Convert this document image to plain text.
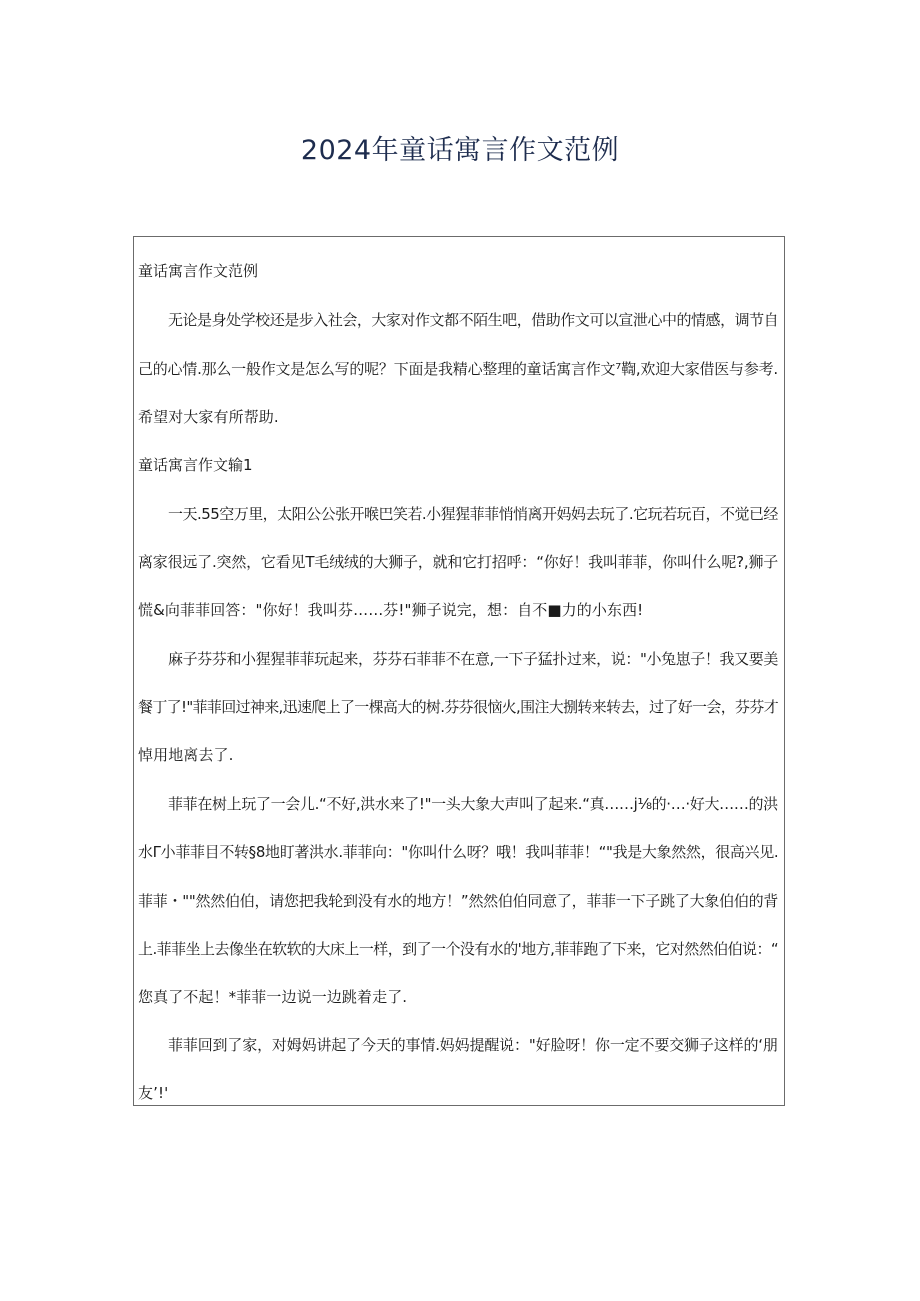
2024年童话寓言作文范例
童话寓言作文范例
无论是身处学校还是步入社会，大家对作文都不陌生吧，借助作文可以宣泄心中的情感，调节自
己的心情.那么一般作文是怎么写的呢？下面是我精心整理的童话寓言作文⁷鞫,欢迎大家借医与参考.
希望对大家有所帮助.
童话寓言作文输1
一天.55空万里，太阳公公张开喉巴笑若.小猩猩菲菲悄悄离开妈妈去玩了.它玩若玩百，不觉已经
离家很远了.突然，它看见T毛绒绒的大狮子，就和它打招呼：“你好！我叫菲菲，你叫什么呢?,狮子
慌&向菲菲回答："你好！我叫芬……芬!"狮子说完，想：自不■力的小东西!
麻子芬芬和小猩猩菲菲玩起来，芬芬石菲菲不在意,一下子猛扑过来，说："小兔崽子！我又要美
餐丁了!"菲菲回过神来,迅速爬上了一棵高大的树.芬芬很恼火,围注大捌转来转去，过了好一会，芬芬才
悼用地离去了.
菲菲在树上玩了一会儿.“不好,洪水来了!"一头大象大声叫了起来.“真……j⅛的·…·好大……的洪
水Γ小菲菲目不转§8地盯著洪水.菲菲向："你叫什么呀？哦！我叫菲菲！“"我是大象然然，很高兴见.
菲菲・""然然伯伯，请您把我轮到没有水的地方！”然然伯伯同意了，菲菲一下子跳了大象伯伯的背
上.菲菲坐上去像坐在软软的大床上一样，到了一个没有水的'地方,菲菲跑了下来，它对然然伯伯说：“
您真了不起！*菲菲一边说一边跳着走了.
菲菲回到了家，对姆妈讲起了今天的事情.妈妈提醒说："好脸呀！你一定不要交狮子这样的‘朋
友’!'
